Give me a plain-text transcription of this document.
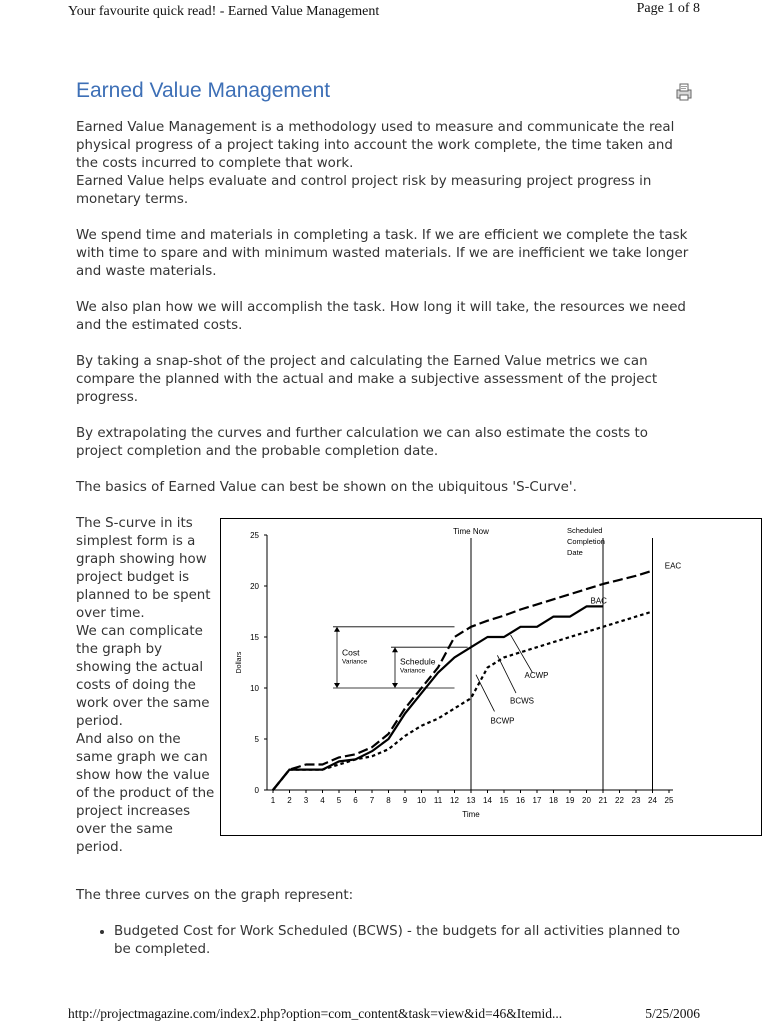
Your favourite quick read! - Earned Value Management	Page 1 of 8
Earned Value Management

Earned Value Management is a methodology used to measure and communicate the real physical progress of a project taking into account the work complete, the time taken and the costs incurred to complete that work.

Earned Value helps evaluate and control project risk by measuring project progress in monetary terms.

We spend time and materials in completing a task. If we are efficient we complete the task with time to spare and with minimum wasted materials. If we are inefficient we take longer and waste materials.

We also plan how we will accomplish the task. How long it will take, the resources we need and the estimated costs.

By taking a snap-shot of the project and calculating the Earned Value metrics we can compare the planned with the actual and make a subjective assessment of the project progress.

By extrapolating the curves and further calculation we can also estimate the costs to project completion and the probable completion date.

The basics of Earned Value can best be shown on the ubiquitous 'S-Curve'.

The S-curve in its simplest form is a graph showing how project budget is planned to be spent over time.

We can complicate the graph by showing the actual costs of doing the work over the same period.

And also on the same graph we can show how the value of the product of the project increases over the same period.

0
5
10
15
20
25
1 2 3 4 5 6 7 8 9 10 11 12 13 14 15 16 17 18 19 20 21 22 23 24 25
Time
Dollars
Time Now	Scheduled
Completion
Date
EAC
BAC
ACWP
BCWS
BCWP
Cost
Variance	Schedule
Variance

The three curves on the graph represent:

• Budgeted Cost for Work Scheduled (BCWS) - the budgets for all activities planned to be completed.
http://projectmagazine.com/index2.php?option=com_content&task=view&id=46&Itemid...	5/25/2006
